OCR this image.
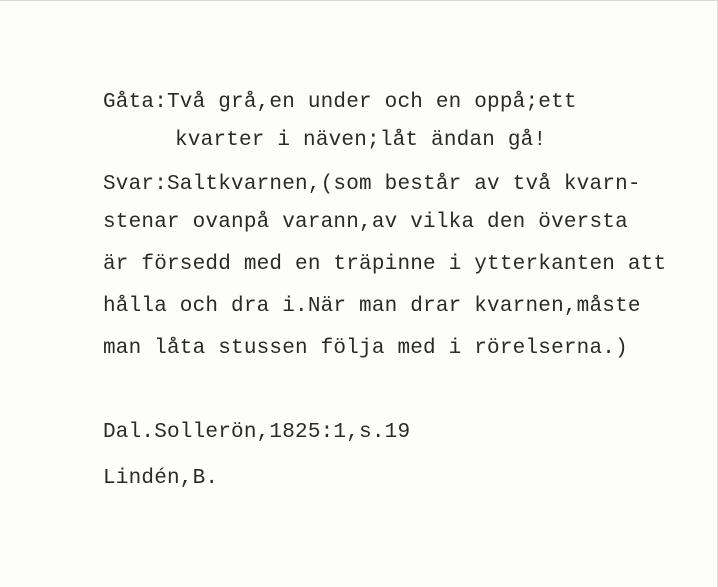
Gåta:Två grå,en under och en oppå;ett
kvarter i näven;låt ändan gå!
Svar:Saltkvarnen,(som består av två kvarn-
stenar ovanpå varann,av vilka den översta
är försedd med en träpinne i ytterkanten att
hålla och dra i.När man drar kvarnen,måste
man låta stussen följa med i rörelserna.)
Dal.Sollerön,1825:1,s.19
Lindén,B.
